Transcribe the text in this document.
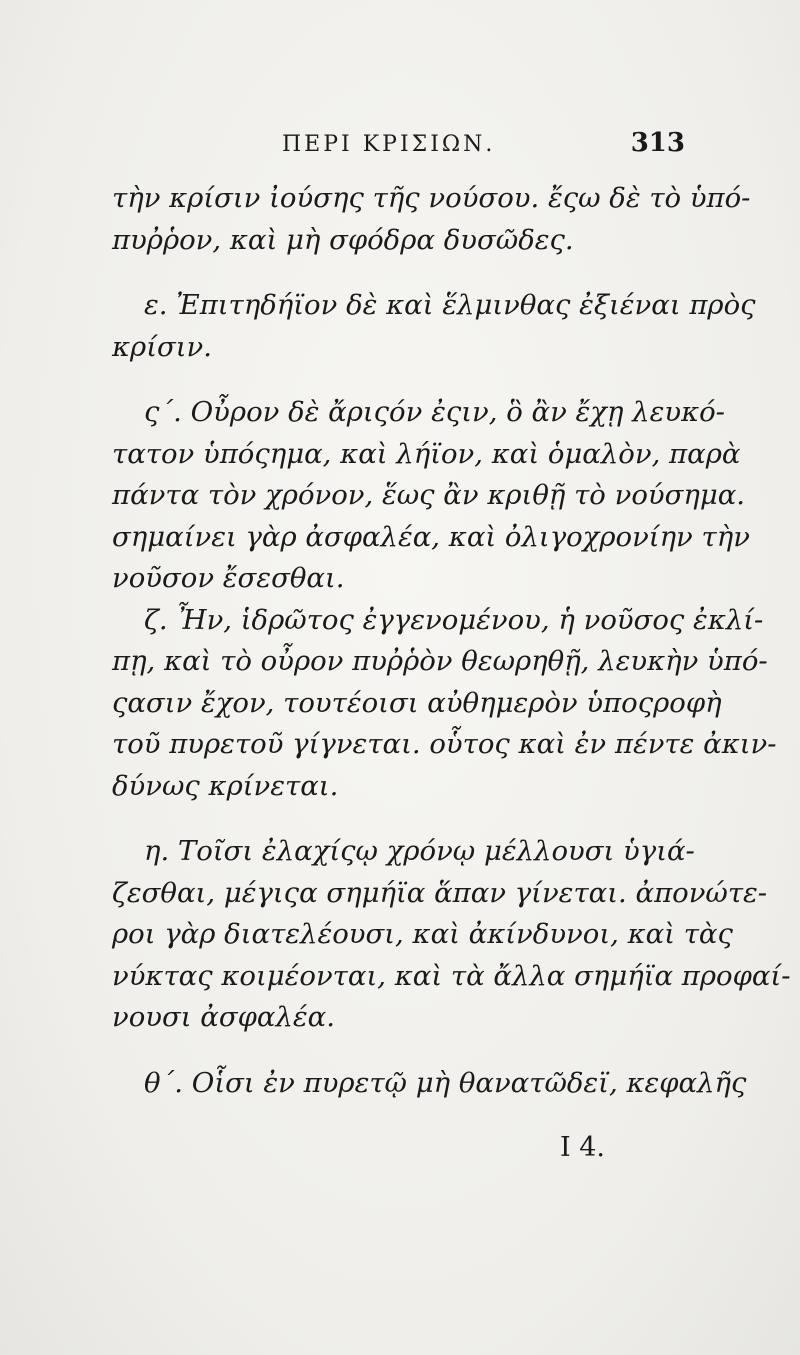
ΠΕΡΙ ΚΡΙΣΙΩΝ.	313

τὴν κρίσιν ἰούσης τῆς νούσου. ἔςω δὲ τὸ ὑπό-
πυῤῥον, καὶ μὴ σφόδρα δυσῶδες.

ε. Ἐπιτηδήϊον δὲ καὶ ἕλμινθας ἐξιέναι πρὸς
κρίσιν.

ς΄. Οὖρον δὲ ἄριςόν ἐςιν, ὃ ἂν ἔχῃ λευκό-
τατον ὑπόςημα, καὶ λήϊον, καὶ ὁμαλὸν, παρὰ
πάντα τὸν χρόνον, ἕως ἂν κριθῇ τὸ νούσημα.
σημαίνει γὰρ ἀσφαλέα, καὶ ὀλιγοχρονίην τὴν
νοῦσον ἔσεσθαι.
ζ. Ἦν, ἱδρῶτος ἐγγενομένου, ἡ νοῦσος ἐκλί-
πῃ, καὶ τὸ οὖρον πυῤῥὸν θεωρηθῇ, λευκὴν ὑπό-
ςασιν ἔχον, τουτέοισι αὐθημερὸν ὑποςροφὴ
τοῦ πυρετοῦ γίγνεται. οὗτος καὶ ἐν πέντε ἀκιν-
δύνως κρίνεται.

η. Τοῖσι ἐλαχίςῳ χρόνῳ μέλλουσι ὑγιά-
ζεσθαι, μέγιςα σημήϊα ἅπαν γίνεται. ἀπονώτε-
ροι γὰρ διατελέουσι, καὶ ἀκίνδυνοι, καὶ τὰς
νύκτας κοιμέονται, καὶ τὰ ἄλλα σημήϊα προφαί-
νουσι ἀσφαλέα.

θ΄. Οἷσι ἐν πυρετῷ μὴ θανατῶδεϊ, κεφαλῆς

I 4.
